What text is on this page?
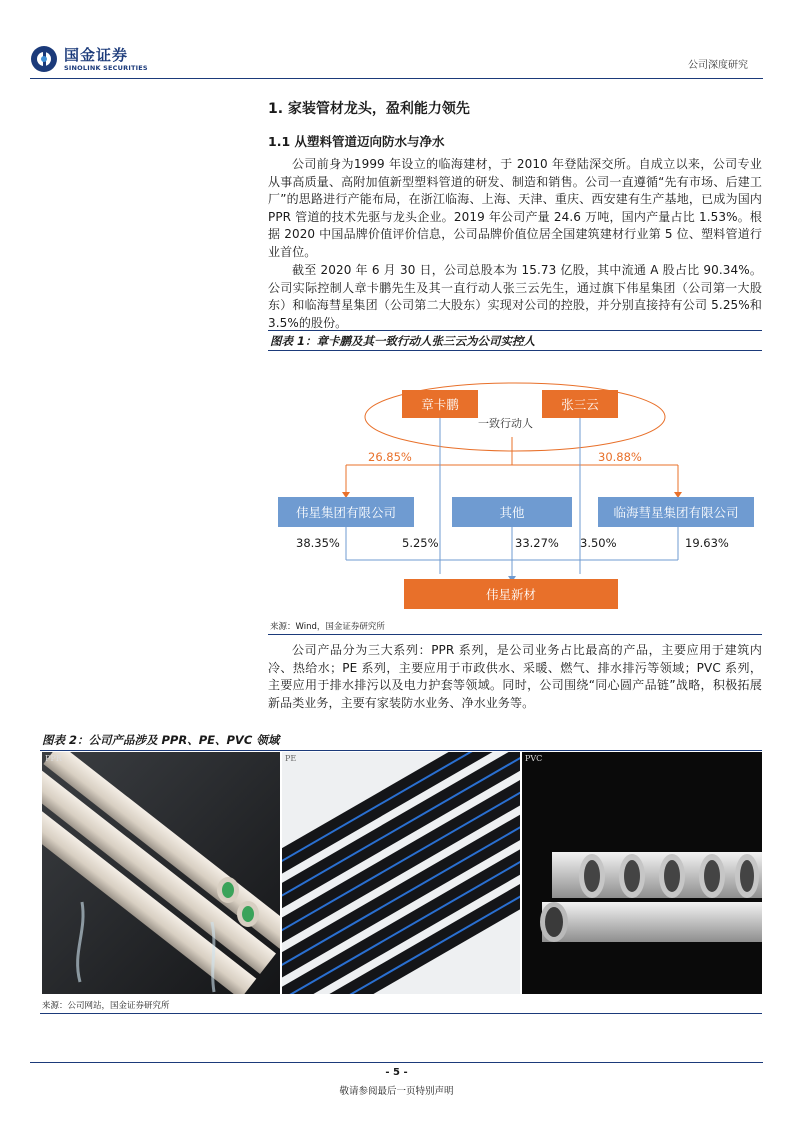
国金证券
SINOLINK SECURITIES	公司深度研究
1. 家装管材龙头，盈利能力领先
1.1 从塑料管道迈向防水与净水
公司前身为1999 年设立的临海建材，于 2010 年登陆深交所。自成立以来，公司专业从事高质量、高附加值新型塑料管道的研发、制造和销售。公司一直遵循“先有市场、后建工厂”的思路进行产能布局，在浙江临海、上海、天津、重庆、西安建有生产基地，已成为国内 PPR 管道的技术先驱与龙头企业。2019 年公司产量 24.6 万吨，国内产量占比 1.53%。根据 2020 中国品牌价值评价信息，公司品牌价值位居全国建筑建材行业第 5 位、塑料管道行业首位。
截至 2020 年 6 月 30 日，公司总股本为 15.73 亿股，其中流通 A 股占比 90.34%。公司实际控制人章卡鹏先生及其一直行动人张三云先生，通过旗下伟星集团（公司第一大股东）和临海彗星集团（公司第二大股东）实现对公司的控股，并分别直接持有公司 5.25%和 3.5%的股份。
图表 1：章卡鹏及其一致行动人张三云为公司实控人
章卡鹏	张三云
一致行动人
26.85%	30.88%
伟星集团有限公司	其他	临海彗星集团有限公司
38.35%	5.25%	33.27% 3.50%	19.63%
伟星新材
来源：Wind，国金证券研究所
公司产品分为三大系列：PPR 系列，是公司业务占比最高的产品，主要应用于建筑内冷、热给水；PE 系列，主要应用于市政供水、采暖、燃气、排水排污等领域；PVC 系列，主要应用于排水排污以及电力护套等领域。同时，公司围绕“同心圆产品链”战略，积极拓展新品类业务，主要有家装防水业务、净水业务等。
图表 2：公司产品涉及 PPR、PE、PVC 领域
PPR	PE	PVC
来源：公司网站，国金证券研究所
- 5 -
敬请参阅最后一页特别声明
